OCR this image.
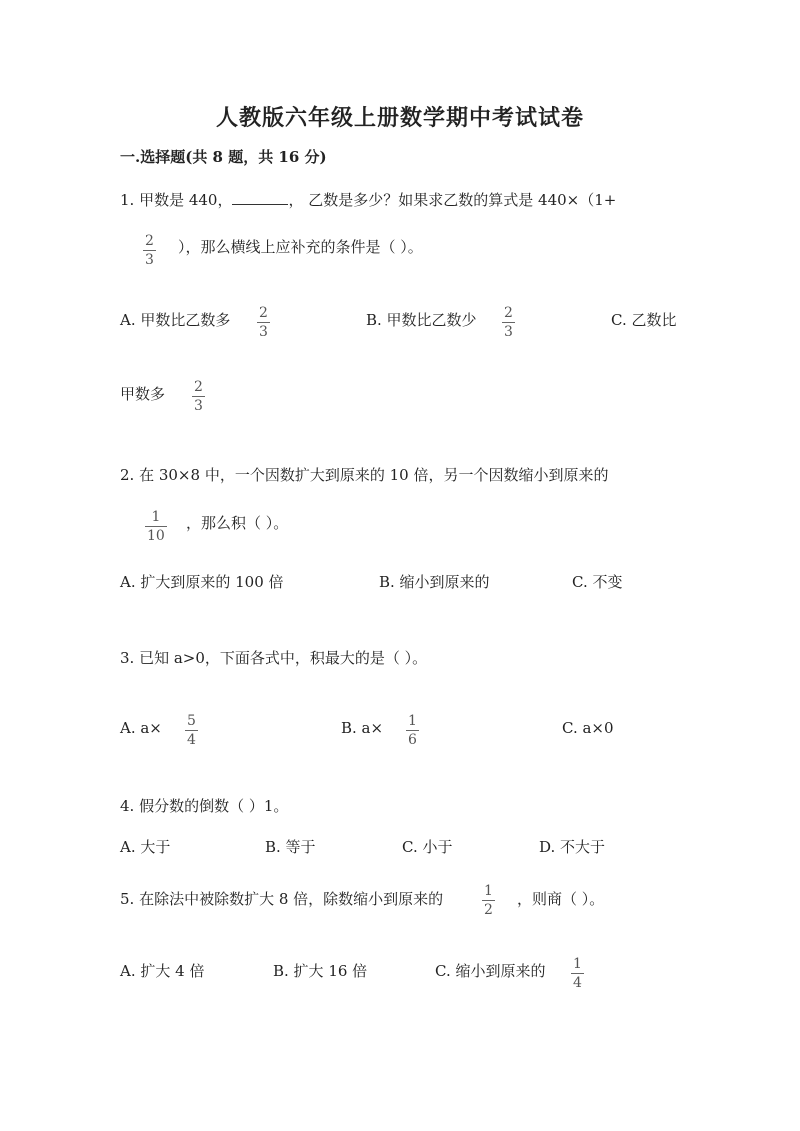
人教版六年级上册数学期中考试试卷
一.选择题(共 8 题，共 16 分)
1. 甲数是 440，	， 乙数是多少？如果求乙数的算式是 440×（1+
2
3
），那么横线上应补充的条件是（ ）。
A. 甲数比乙数多 2
3
B. 甲数比乙数少 2
3
C. 乙数比
甲数多 2
3
2. 在 30×8 中，一个因数扩大到原来的 10 倍，另一个因数缩小到原来的
1
10
，那么积（ ）。
A. 扩大到原来的 100 倍	B. 缩小到原来的	C. 不变
3. 已知 a>0，下面各式中，积最大的是（ ）。
A. a× 5
4
B. a× 1
6
C. a×0
4. 假分数的倒数（ ）1。
A. 大于	B. 等于	C. 小于	D. 不大于
5. 在除法中被除数扩大 8 倍，除数缩小到原来的	1
2
，则商（ ）。
A. 扩大 4 倍	B. 扩大 16 倍	C. 缩小到原来的 1
4
